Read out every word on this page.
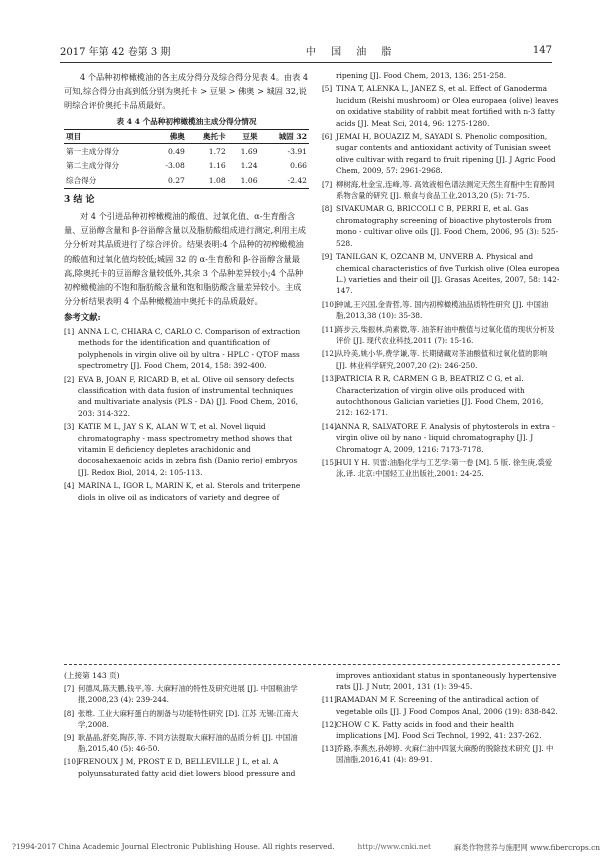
2017 年第 42 卷第 3 期	中 国 油 脂	147

4 个品种初榨橄榄油的各主成分得分及综合得分见表 4。由表 4 可知,综合得分由高到低分别为奥托卡 > 豆果 > 佛奥 > 城固 32,说明综合评价奥托卡品质最好。

表 4 4 个品种初榨橄榄油主成分得分情况
项目	佛奥	奥托卡	豆果	城固 32
第一主成分得分	0.49	1.72	1.69	-3.91
第二主成分得分	-3.08	1.16	1.24	0.66
综合得分	0.27	1.08	1.06	-2.42
3 结 论

对 4 个引进品种初榨橄榄油的酸值、过氧化值、α-生育酚含量、豆甾醇含量和 β-谷甾醇含量以及脂肪酸组成进行测定,利用主成分分析对其品质进行了综合评价。结果表明:4 个品种的初榨橄榄油的酸值和过氧化值均较低;城固 32 的 α-生育酚和 β-谷甾醇含量最高,除奥托卡的豆甾醇含量较低外,其余 3 个品种差异较小;4 个品种初榨橄榄油的不饱和脂肪酸含量和饱和脂肪酸含量差异较小。主成分分析结果表明 4 个品种橄榄油中奥托卡的品质最好。

参考文献:
[1] ANNA L C, CHIARA C, CARLO C. Comparison of extraction methods for the identification and quantification of polyphenols in virgin olive oil by ultra - HPLC - QTOF mass spectrometry [J]. Food Chem, 2014, 158: 392-400.
[2] EVA B, JOAN F, RICARD B, et al. Olive oil sensory defects classification with data fusion of instrumental techniques and multivariate analysis (PLS - DA) [J]. Food Chem, 2016, 203: 314-322.
[3] KATIE M L, JAY S K, ALAN W T, et al. Novel liquid chromatography - mass spectrometry method shows that vitamin E deficiency depletes arachidonic and docosahexaenoic acids in zebra fish (Danio rerio) embryos [J]. Redox Biol, 2014, 2: 105-113.
[4] MARINA L, IGOR L, MARIN K, et al. Sterols and triterpene diols in olive oil as indicators of variety and degree of
ripening [J]. Food Chem, 2013, 136: 251-258.
[5] TINA T, ALENKA L, JANEZ S, et al. Effect of Ganoderma lucidum (Reishi mushroom) or Olea europaea (olive) leaves on oxidative stability of rabbit meat fortified with n-3 fatty acids [J]. Meat Sci, 2014, 96: 1275-1280.
[6] JEMAI H, BOUAZIZ M, SAYADI S. Phenolic composition, sugar contents and antioxidant activity of Tunisian sweet olive cultivar with regard to fruit ripening [J]. J Agric Food Chem, 2009, 57: 2961-2968.
[7] 柳树海,杜金宝,连峰,等. 高效液相色谱法测定天然生育酚中生育酚同系物含量的研究 [J]. 粮食与食品工业,2013,20 (5): 71-75.
[8] SIVAKUMAR G, BRICCOLI C B, PERRI E, et al. Gas chromatography screening of bioactive phytosterols from mono - cultivar olive oils [J]. Food Chem, 2006, 95 (3): 525-528.
[9] TANILGAN K, OZCANB M, UNVERB A. Physical and chemical characteristics of five Turkish olive (Olea europea L.) varieties and their oil [J]. Grasas Aceites, 2007, 58: 142-147.
[10] 钟诚,王兴国,金青哲,等. 国内初榨橄榄油品质特性研究 [J]. 中国油脂,2013,38 (10): 35-38.
[11] 蒋步云,柴振林,尚素微,等. 油茶籽油中酸值与过氧化值的现状分析及评价 [J]. 现代农业科技,2011 (7): 15-16.
[12] 从玲美,姚小华,费学谦,等. 长期储藏对茶油酸值和过氧化值的影响 [J]. 林业科学研究,2007,20 (2): 246-250.
[13] PATRICIA R R, CARMEN G B, BEATRIZ C G, et al. Characterization of virgin olive oils produced with autochthonous Galician varieties [J]. Food Chem, 2016, 212: 162-171.
[14] ANNA R, SALVATORE F. Analysis of phytosterols in extra - virgin olive oil by nano - liquid chromatography [J]. J Chromatogr A, 2009, 1216: 7173-7178.
[15] HUI Y H. 贝雷:油脂化学与工艺学:第一卷 [M]. 5 版. 徐生庚,裘爱泳,译. 北京:中国轻工业出版社,2001: 24-25.
(上接第 143 页)
[7] 何德凤,陈天鹏,钱平,等. 大麻籽油的特性及研究进展 [J]. 中国粮油学报,2008,23 (4): 239-244.
[8] 张维. 工业大麻籽蛋白的制备与功能特性研究 [D]. 江苏 无锡:江南大学,2008.
[9] 耿晶晶,舒奕,陶莎,等. 不同方法提取大麻籽油的品质分析 [J]. 中国油脂,2015,40 (5): 46-50.
[10] FRENOUX J M, PROST E D, BELLEVILLE J L, et al. A polyunsaturated fatty acid diet lowers blood pressure and
improves antioxidant status in spontaneously hypertensive rats [J]. J Nutr, 2001, 131 (1): 39-45.
[11] RAMADAN M F. Screening of the antiradical action of vegetable oils [J]. J Food Compos Anal, 2006 (19): 838-842.
[12] CHOW C K. Fatty acids in food and their health implications [M]. Food Sci Technol, 1992, 41: 237-262.
[13] 乔路,李燕杰,孙婷婷. 火麻仁油中四氢大麻酚的脱除技术研究 [J]. 中国油脂,2016,41 (4): 89-91.
?1994-2017 China Academic Journal Electronic Publishing House. All rights reserved.	http://www.cnki.net	麻类作物营养与施肥网 www.fibercrops.cn
